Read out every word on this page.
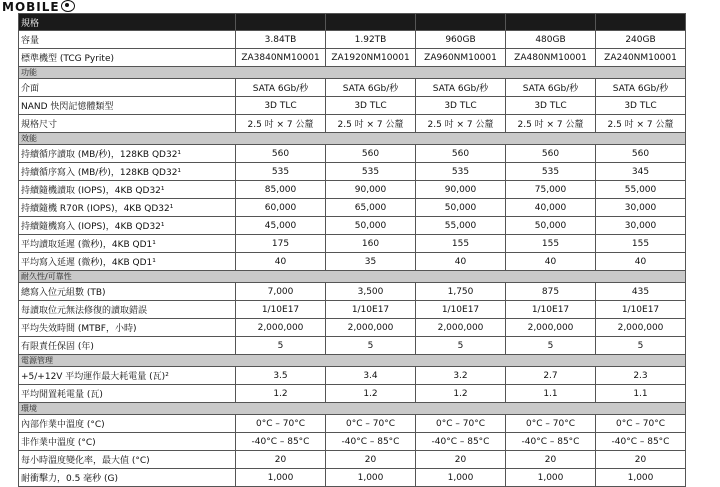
MOBILE
規格					
容量	3.84TB	1.92TB	960GB	480GB	240GB
標準機型 (TCG Pyrite)	ZA3840NM10001	ZA1920NM10001	ZA960NM10001	ZA480NM10001	ZA240NM10001
功能					
介面	SATA 6Gb/秒	SATA 6Gb/秒	SATA 6Gb/秒	SATA 6Gb/秒	SATA 6Gb/秒
NAND 快閃記憶體類型	3D TLC	3D TLC	3D TLC	3D TLC	3D TLC
規格尺寸	2.5 吋 × 7 公釐	2.5 吋 × 7 公釐	2.5 吋 × 7 公釐	2.5 吋 × 7 公釐	2.5 吋 × 7 公釐
效能					
持續循序讀取 (MB/秒)，128KB QD32¹	560	560	560	560	560
持續循序寫入 (MB/秒)，128KB QD32¹	535	535	535	535	345
持續隨機讀取 (IOPS)，4KB QD32¹	85,000	90,000	90,000	75,000	55,000
持續隨機 R70R (IOPS)，4KB QD32¹	60,000	65,000	50,000	40,000	30,000
持續隨機寫入 (IOPS)，4KB QD32¹	45,000	50,000	55,000	50,000	30,000
平均讀取延遲 (微秒)，4KB QD1¹	175	160	155	155	155
平均寫入延遲 (微秒)，4KB QD1¹	40	35	40	40	40
耐久性/可靠性					
總寫入位元組數 (TB)	7,000	3,500	1,750	875	435
每讀取位元無法修復的讀取錯誤	1/10E17	1/10E17	1/10E17	1/10E17	1/10E17
平均失效時間 (MTBF，小時)	2,000,000	2,000,000	2,000,000	2,000,000	2,000,000
有限責任保固 (年)	5	5	5	5	5
電源管理					
+5/+12V 平均運作最大耗電量 (瓦)²	3.5	3.4	3.2	2.7	2.3
平均閒置耗電量 (瓦)	1.2	1.2	1.2	1.1	1.1
環境					
內部作業中溫度 (°C)	0°C – 70°C	0°C – 70°C	0°C – 70°C	0°C – 70°C	0°C – 70°C
非作業中溫度 (°C)	-40°C – 85°C	-40°C – 85°C	-40°C – 85°C	-40°C – 85°C	-40°C – 85°C
每小時溫度變化率，最大值 (°C)	20	20	20	20	20
耐衝擊力，0.5 毫秒 (G)	1,000	1,000	1,000	1,000	1,000
